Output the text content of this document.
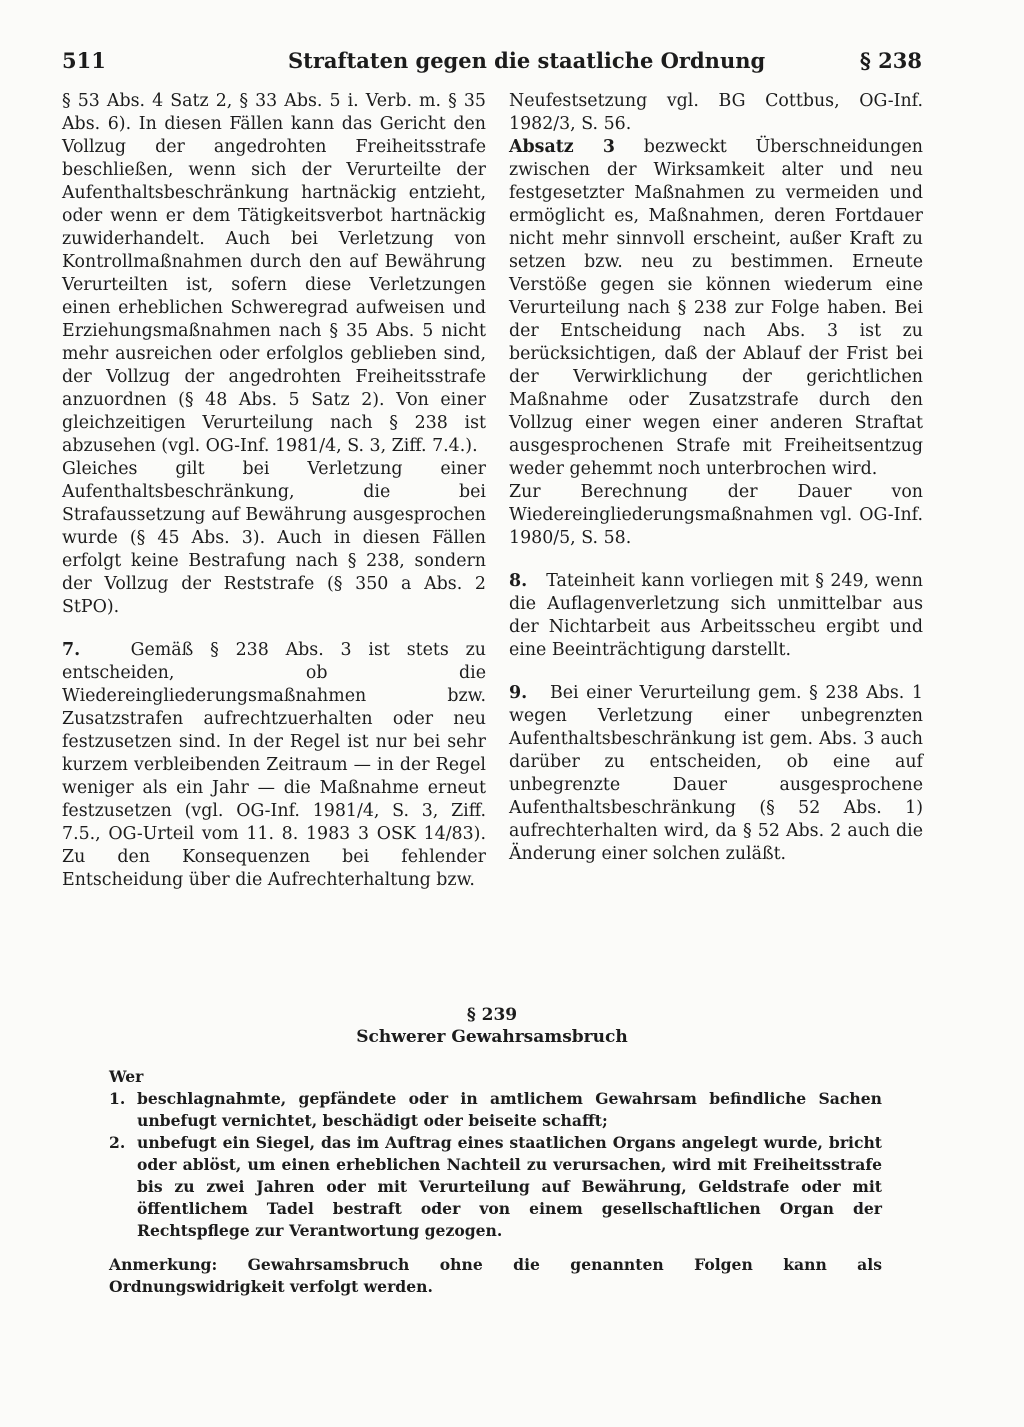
511	Straftaten gegen die staatliche Ordnung	§ 238

§ 53 Abs. 4 Satz 2, § 33 Abs. 5 i. Verb. m. § 35 Abs. 6). In diesen Fällen kann das Gericht den Vollzug der angedrohten Freiheitsstrafe beschließen, wenn sich der Verurteilte der Aufenthaltsbeschränkung hartnäckig entzieht, oder wenn er dem Tätigkeitsverbot hartnäckig zuwiderhandelt. Auch bei Verletzung von Kontrollmaßnahmen durch den auf Bewährung Verurteilten ist, sofern diese Verletzungen einen erheblichen Schweregrad aufweisen und Erziehungsmaßnahmen nach § 35 Abs. 5 nicht mehr ausreichen oder erfolglos geblieben sind, der Vollzug der angedrohten Freiheitsstrafe anzuordnen (§ 48 Abs. 5 Satz 2). Von einer gleichzeitigen Verurteilung nach § 238 ist abzusehen (vgl. OG-Inf. 1981/4, S. 3, Ziff. 7.4.).

Gleiches gilt bei Verletzung einer Aufenthaltsbeschränkung, die bei Strafaussetzung auf Bewährung ausgesprochen wurde (§ 45 Abs. 3). Auch in diesen Fällen erfolgt keine Bestrafung nach § 238, sondern der Vollzug der Reststrafe (§ 350 a Abs. 2 StPO).

7.	Gemäß § 238 Abs. 3 ist stets zu entscheiden, ob die Wiedereingliederungsmaßnahmen bzw. Zusatzstrafen aufrechtzuerhalten oder neu festzusetzen sind. In der Regel ist nur bei sehr kurzem verbleibenden Zeitraum — in der Regel weniger als ein Jahr — die Maßnahme erneut festzusetzen (vgl. OG-Inf. 1981/4, S. 3, Ziff. 7.5., OG-Urteil vom 11. 8. 1983 3 OSK 14/83). Zu den Konsequenzen bei fehlender Entscheidung über die Aufrechterhaltung bzw.

Neufestsetzung vgl. BG Cottbus, OG-Inf. 1982/3, S. 56.

Absatz 3 bezweckt Überschneidungen zwischen der Wirksamkeit alter und neu festgesetzter Maßnahmen zu vermeiden und ermöglicht es, Maßnahmen, deren Fortdauer nicht mehr sinnvoll erscheint, außer Kraft zu setzen bzw. neu zu bestimmen. Erneute Verstöße gegen sie können wiederum eine Verurteilung nach § 238 zur Folge haben. Bei der Entscheidung nach Abs. 3 ist zu berücksichtigen, daß der Ablauf der Frist bei der Verwirklichung der gerichtlichen Maßnahme oder Zusatzstrafe durch den Vollzug einer wegen einer anderen Straftat ausgesprochenen Strafe mit Freiheitsentzug weder gehemmt noch unterbrochen wird.

Zur Berechnung der Dauer von Wiedereingliederungsmaßnahmen vgl. OG-Inf. 1980/5, S. 58.

8. Tateinheit kann vorliegen mit § 249, wenn die Auflagenverletzung sich unmittelbar aus der Nichtarbeit aus Arbeitsscheu ergibt und eine Beeinträchtigung darstellt.

9. Bei einer Verurteilung gem. § 238 Abs. 1 wegen Verletzung einer unbegrenzten Aufenthaltsbeschränkung ist gem. Abs. 3 auch darüber zu entscheiden, ob eine auf unbegrenzte Dauer ausgesprochene Aufenthaltsbeschränkung (§ 52 Abs. 1) aufrechterhalten wird, da § 52 Abs. 2 auch die Änderung einer solchen zuläßt.

§ 239
Schwerer Gewahrsamsbruch

Wer

1. beschlagnahmte, gepfändete oder in amtlichem Gewahrsam befindliche Sachen unbefugt vernichtet, beschädigt oder beiseite schafft;

2. unbefugt ein Siegel, das im Auftrag eines staatlichen Organs angelegt wurde, bricht oder ablöst, um einen erheblichen Nachteil zu verursachen, wird mit Freiheitsstrafe bis zu zwei Jahren oder mit Verurteilung auf Bewährung, Geldstrafe oder mit öffentlichem Tadel bestraft oder von einem gesellschaftlichen Organ der Rechtspflege zur Verantwortung gezogen.

Anmerkung: Gewahrsamsbruch ohne die genannten Folgen kann als Ordnungswidrigkeit verfolgt werden.
